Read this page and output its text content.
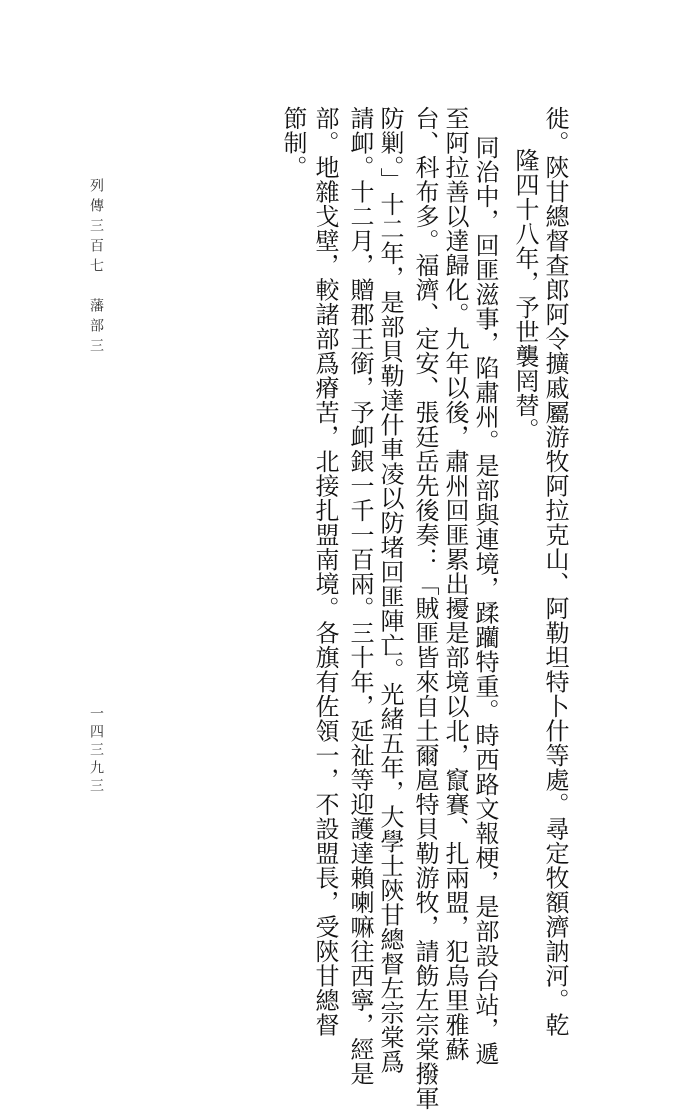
徙。陝甘總督查郎阿令擴戚屬游牧阿拉克山、阿勒坦特卜什等處。尋定牧額濟訥河。乾
隆四十八年，予世襲罔替。
同治中，回匪滋事，陷肅州。是部與連境，蹂躪特重。時西路文報梗，是部設台站，遞
至阿拉善以達歸化。九年以後，肅州回匪累出擾是部境以北，竄賽、扎兩盟，犯烏里雅蘇
台、科布多。福濟、定安、張廷岳先後奏：「賊匪皆來自土爾扈特貝勒游牧，請飭左宗棠撥軍
防剿。」十二年，是部貝勒達什車凌以防堵回匪陣亡。光緒五年，大學士陝甘總督左宗棠爲
請卹。十二月，贈郡王銜，予卹銀一千一百兩。三十年，延祉等迎護達賴喇嘛往西寧，經是
部。地雜戈壁，較諸部爲瘠苦，北接扎盟南境。各旗有佐領一，不設盟長，受陝甘總督
節制。
列傳三百七
藩部三
一四三九三
